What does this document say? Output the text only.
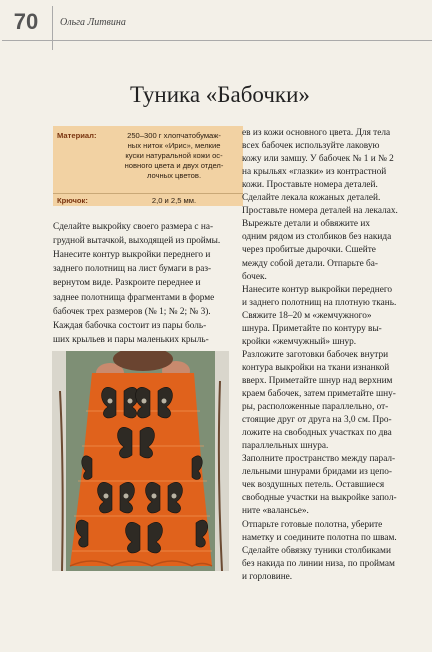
70	Ольга Литвина
Туника «Бабочки»
Материал:	250–300 г хлопчатобумаж-
ных ниток «Ирис», мелкие
куски натуральной кожи ос-
новного цвета и двух отдел-
лочных цветов.
Крючок:	2,0 и 2,5 мм.
Сделайте выкройку своего размера с на-
грудной вытачкой, выходящей из проймы.
Нанесите контур выкройки переднего и
заднего полотнищ на лист бумаги в раз-
вернутом виде. Разкроите переднее и
заднее полотнища фрагментами в форме
бабочек трех размеров (№ 1; № 2; № 3).
Каждая бабочка состоит из пары боль-
ших крыльев и пары маленьких крыль-
ев из кожи основного цвета. Для тела
всех бабочек используйте лаковую
кожу или замшу. У бабочек № 1 и № 2
на крыльях «глазки» из контрастной
кожи. Проставьте номера деталей.
Сделайте лекала кожаных деталей.
Проставьте номера деталей на лекалах.
Вырежьте детали и обвяжите их
одним рядом из столбиков без накида
через пробитые дырочки. Сшейте
между собой детали. Отпарьте ба-
бочек.
Нанесите контур выкройки переднего
и заднего полотнищ на плотную ткань.
Свяжите 18–20 м «жемчужного»
шнура. Приметайте по контуру вы-
кройки «жемчужный» шнур.
Разложите заготовки бабочек внутри
контура выкройки на ткани изнанкой
вверх. Приметайте шнур над верхним
краем бабочек, затем приметайте шну-
ры, расположенные параллельно, от-
стоящие друг от друга на 3,0 см. Про-
ложите на свободных участках по два
параллельных шнура.
Заполните пространство между парал-
лельными шнурами бридами из цепо-
чек воздушных петель. Оставшиеся
свободные участки на выкройке запол-
ните «валансье».
Отпарьте готовые полотна, уберите
наметку и соедините полотна по швам.
Сделайте обвязку туники столбиками
без накида по линии низа, по проймам
и горловине.
